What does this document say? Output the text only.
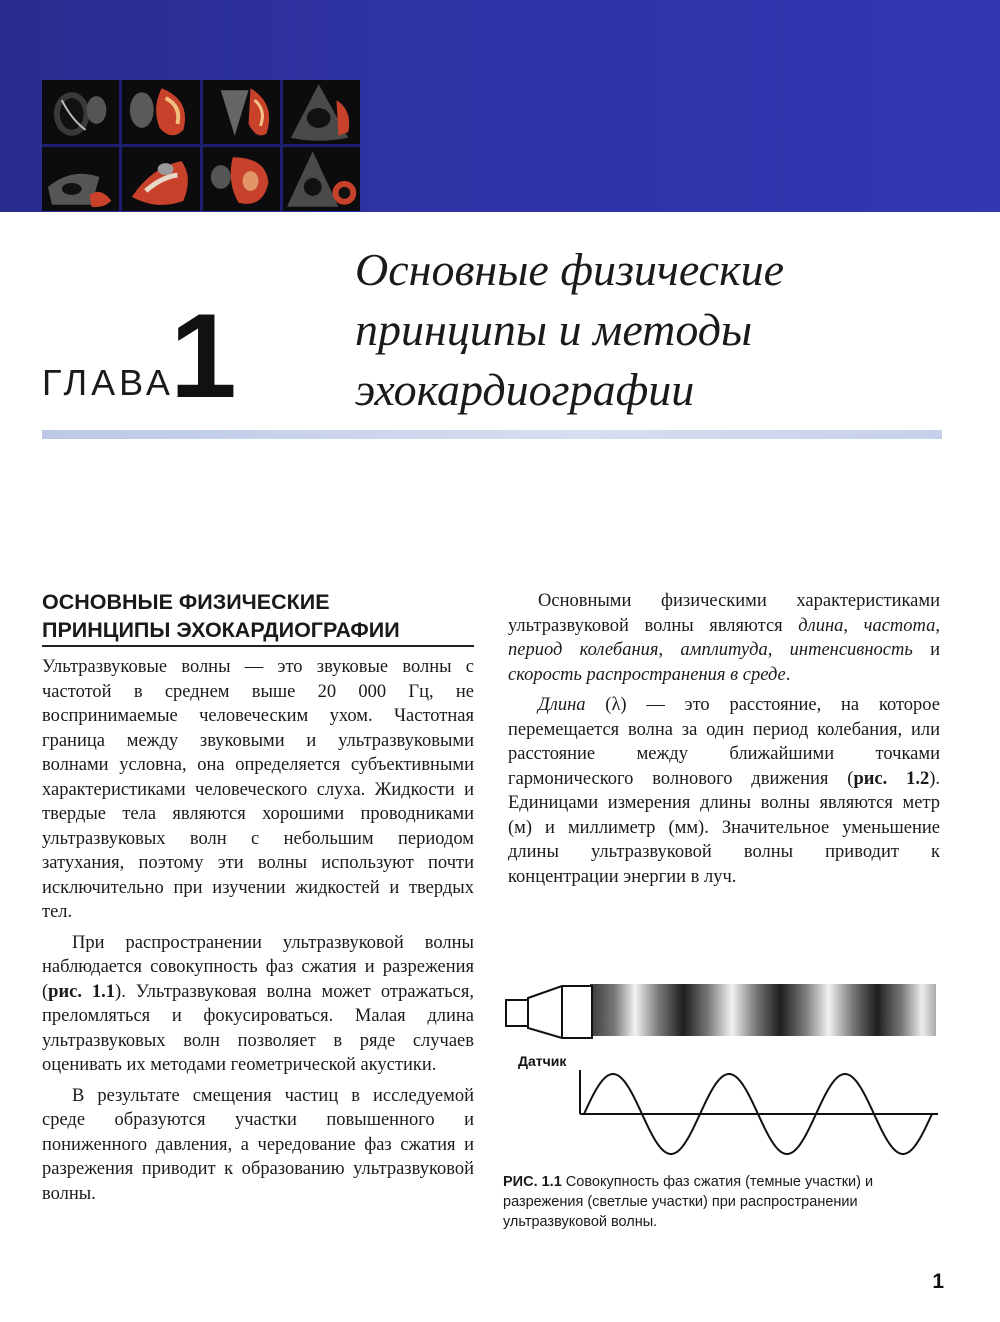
ГЛАВА
1
Основные физические
принципы и методы
эхокардиографии
ОСНОВНЫЕ ФИЗИЧЕСКИЕ
ПРИНЦИПЫ ЭХОКАРДИОГРАФИИ

Ультразвуковые волны — это звуковые волны с частотой в среднем выше 20 000 Гц, не воспринимаемые человеческим ухом. Частотная граница между звуковыми и ультразвуковыми волнами условна, она определяется субъективными характеристиками человеческого слуха. Жидкости и твердые тела являются хорошими проводниками ультразвуковых волн с небольшим периодом затухания, поэтому эти волны используют почти исключительно при изучении жидкостей и твердых тел.

При распространении ультразвуковой волны наблюдается совокупность фаз сжатия и разрежения (рис. 1.1). Ультразвуковая волна может отражаться, преломляться и фокусироваться. Малая длина ультразвуковых волн позволяет в ряде случаев оценивать их методами геометрической акустики.

В результате смещения частиц в исследуемой среде образуются участки повышенного и пониженного давления, а чередование фаз сжатия и разрежения приводит к образованию ультразвуковой волны.

Основными физическими характеристиками ультразвуковой волны являются длина, частота, период колебания, амплитуда, интенсивность и скорость распространения в среде.

Длина (λ) — это расстояние, на которое перемещается волна за один период колебания, или расстояние между ближайшими точками гармонического волнового движения (рис. 1.2). Единицами измерения длины волны являются метр (м) и миллиметр (мм). Значительное уменьшение длины ультразвуковой волны приводит к концентрации энергии в луч.

Датчик
РИС. 1.1 Совокупность фаз сжатия (темные участки) и разрежения (светлые участки) при распространении ультразвуковой волны.
1
